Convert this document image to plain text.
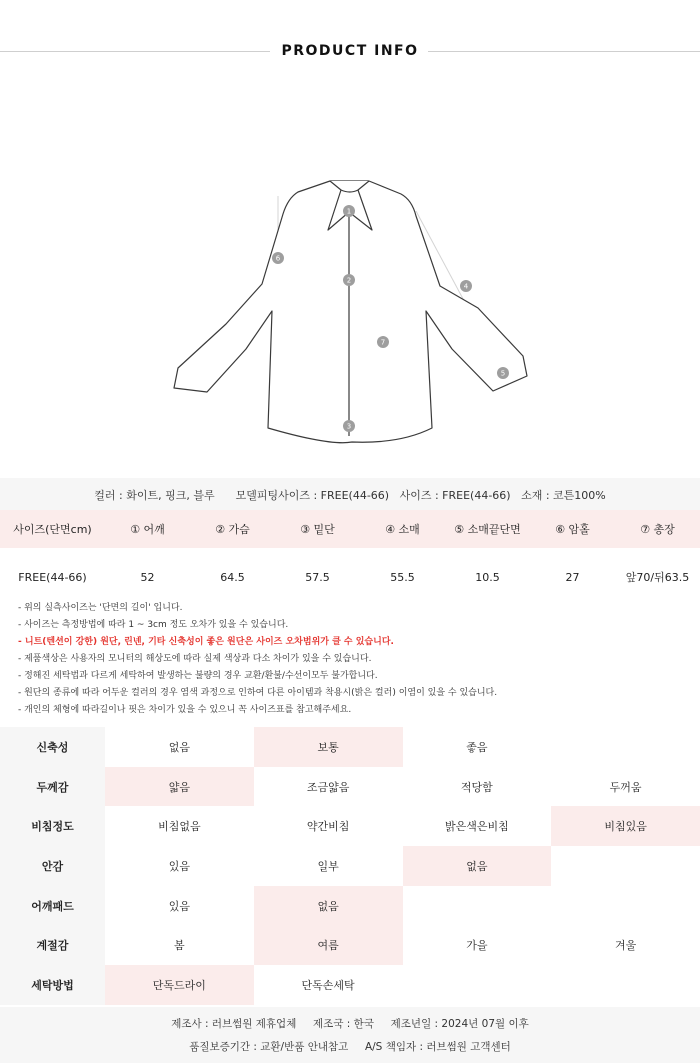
PRODUCT INFO
1
2
3
4
5
6
7
컬러 : 화이트, 핑크, 블루 모델피팅사이즈 : FREE(44-66) 사이즈 : FREE(44-66) 소재 : 코튼100%
사이즈(단면cm)	① 어깨	② 가슴	③ 밑단	④ 소매	⑤ 소매끝단면	⑥ 암홀	⑦ 총장
FREE(44-66)	52	64.5	57.5	55.5	10.5	27	앞70/뒤63.5
- 위의 실측사이즈는 '단면의 길이' 입니다.
- 사이즈는 측정방법에 따라 1 ~ 3cm 정도 오차가 있을 수 있습니다.
- 니트(텐션이 강한) 원단, 린넨, 기타 신축성이 좋은 원단은 사이즈 오차범위가 클 수 있습니다.
- 제품색상은 사용자의 모니터의 해상도에 따라 실제 색상과 다소 차이가 있을 수 있습니다.
- 정해진 세탁법과 다르게 세탁하여 발생하는 불량의 경우 교환/환불/수선이모두 불가합니다.
- 원단의 종류에 따라 어두운 컬러의 경우 염색 과정으로 인하여 다른 아이템과 착용시(밝은 컬러) 이염이 있을 수 있습니다.
- 개인의 체형에 따라길이나 핏은 차이가 있을 수 있으니 꼭 사이즈표를 참고해주세요.
신축성	없음	보통	좋음	
두께감	얇음	조금얇음	적당함	두꺼움
비침정도	비침없음	약간비침	밝은색은비침	비침있음
안감	있음	일부	없음	
어깨패드	있음	없음		
계절감	봄	여름	가을	겨울
세탁방법	단독드라이	단독손세탁		
제조사 : 러브썸원 제휴업체     제조국 : 한국     제조년일 : 2024년 07월 이후
품질보증기간 : 교환/반품 안내참고     A/S 책임자 : 러브썸원 고객센터
